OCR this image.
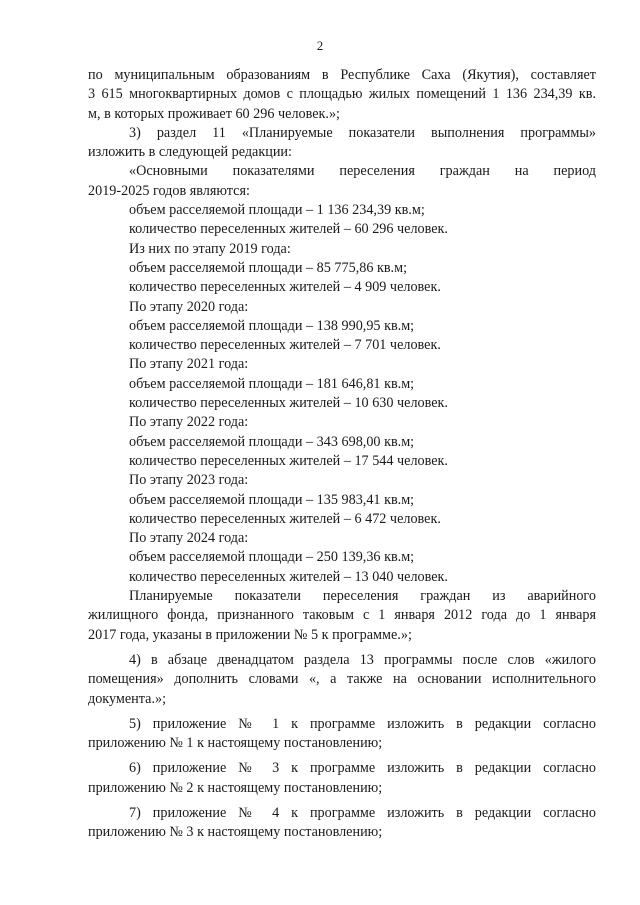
2

по муниципальным образованиям в Республике Саха (Якутия), составляет

3 615 многоквартирных домов с площадью жилых помещений 1 136 234,39 кв.

м, в которых проживает 60 296 человек.»;

3) раздел 11 «Планируемые показатели выполнения программы»

изложить в следующей редакции:

«Основными показателями переселения граждан на период

2019-2025 годов являются:

объем расселяемой площади – 1 136 234,39 кв.м;

количество переселенных жителей – 60 296 человек.

Из них по этапу 2019 года:

объем расселяемой площади – 85 775,86 кв.м;

количество переселенных жителей – 4 909 человек.

По этапу 2020 года:

объем расселяемой площади – 138 990,95 кв.м;

количество переселенных жителей – 7 701 человек.

По этапу 2021 года:

объем расселяемой площади – 181 646,81 кв.м;

количество переселенных жителей – 10 630 человек.

По этапу 2022 года:

объем расселяемой площади – 343 698,00 кв.м;

количество переселенных жителей – 17 544 человек.

По этапу 2023 года:

объем расселяемой площади – 135 983,41 кв.м;

количество переселенных жителей – 6 472 человек.

По этапу 2024 года:

объем расселяемой площади – 250 139,36 кв.м;

количество переселенных жителей – 13 040 человек.

Планируемые показатели переселения граждан из аварийного

жилищного фонда, признанного таковым с 1 января 2012 года до 1 января

2017 года, указаны в приложении № 5 к программе.»;

4) в абзаце двенадцатом раздела 13 программы после слов «жилого

помещения» дополнить словами «, а также на основании исполнительного

документа.»;

5) приложение № 1 к программе изложить в редакции согласно

приложению № 1 к настоящему постановлению;

6) приложение № 3 к программе изложить в редакции согласно

приложению № 2 к настоящему постановлению;

7) приложение № 4 к программе изложить в редакции согласно

приложению № 3 к настоящему постановлению;
